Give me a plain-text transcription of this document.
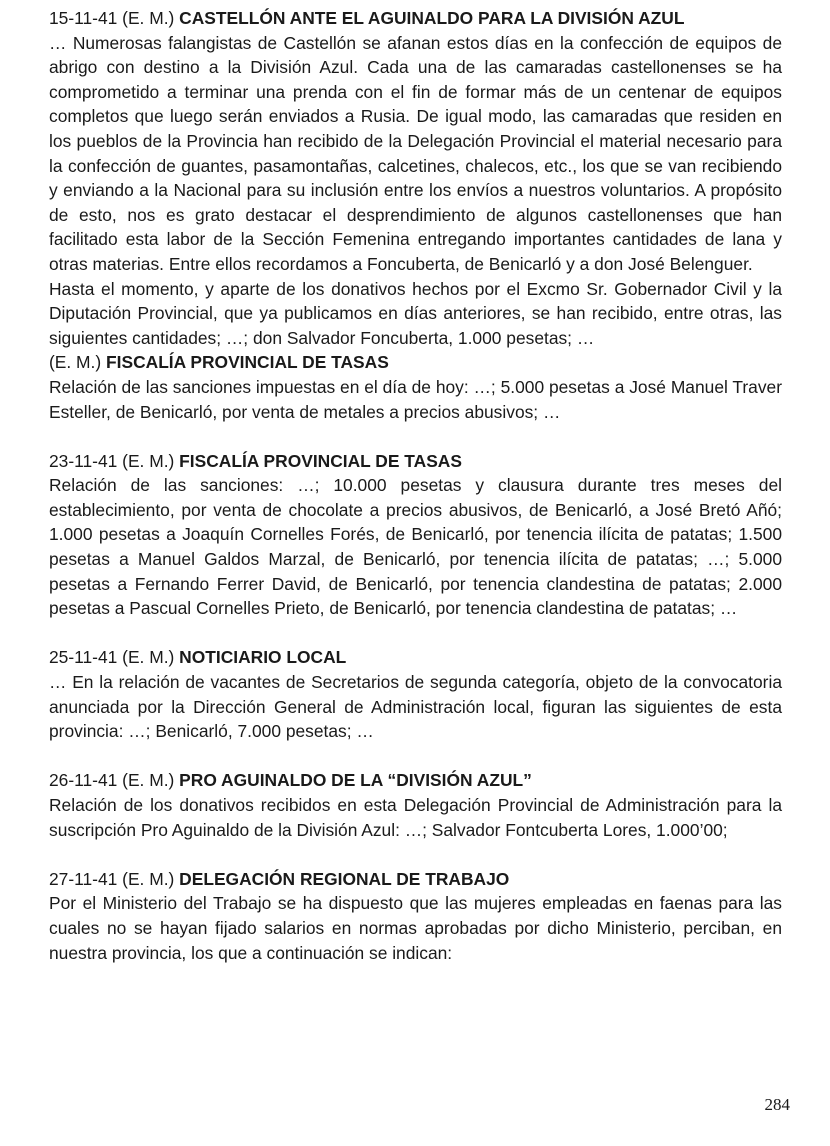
15-11-41 (E. M.) CASTELLÓN ANTE EL AGUINALDO PARA LA DIVISIÓN AZUL

… Numerosas falangistas de Castellón se afanan estos días en la confección de equipos de abrigo con destino a la División Azul. Cada una de las camaradas castellonenses se ha comprometido a terminar una prenda con el fin de formar más de un centenar de equipos completos que luego serán enviados a Rusia. De igual modo, las camaradas que residen en los pueblos de la Provincia han recibido de la Delegación Provincial el material necesario para la confección de guantes, pasamontañas, calcetines, chalecos, etc., los que se van recibiendo y enviando a la Nacional para su inclusión entre los envíos a nuestros voluntarios. A propósito de esto, nos es grato destacar el desprendimiento de algunos castellonenses que han facilitado esta labor de la Sección Femenina entregando importantes cantidades de lana y otras materias. Entre ellos recordamos a Foncuberta, de Benicarló y a don José Belenguer.

Hasta el momento, y aparte de los donativos hechos por el Excmo Sr. Gobernador Civil y la Diputación Provincial, que ya publicamos en días anteriores, se han recibido, entre otras, las siguientes cantidades; …; don Salvador Foncuberta, 1.000 pesetas; …

(E. M.) FISCALÍA PROVINCIAL DE TASAS

Relación de las sanciones impuestas en el día de hoy: …; 5.000 pesetas a José Manuel Traver Esteller, de Benicarló, por venta de metales a precios abusivos; …

23-11-41 (E. M.) FISCALÍA PROVINCIAL DE TASAS

Relación de las sanciones: …; 10.000 pesetas y clausura durante tres meses del establecimiento, por venta de chocolate a precios abusivos, de Benicarló, a José Bretó Añó; 1.000 pesetas a Joaquín Cornelles Forés, de Benicarló, por tenencia ilícita de patatas; 1.500 pesetas a Manuel Galdos Marzal, de Benicarló, por tenencia ilícita de patatas; …; 5.000 pesetas a Fernando Ferrer David, de Benicarló, por tenencia clandestina de patatas; 2.000 pesetas a Pascual Cornelles Prieto, de Benicarló, por tenencia clandestina de patatas; …

25-11-41 (E. M.) NOTICIARIO LOCAL

… En la relación de vacantes de Secretarios de segunda categoría, objeto de la convocatoria anunciada por la Dirección General de Administración local, figuran las siguientes de esta provincia: …; Benicarló, 7.000 pesetas; …

26-11-41 (E. M.) PRO AGUINALDO DE LA “DIVISIÓN AZUL”

Relación de los donativos recibidos en esta Delegación Provincial de Administración para la suscripción Pro Aguinaldo de la División Azul: …; Salvador Fontcuberta Lores, 1.000’00;

27-11-41 (E. M.) DELEGACIÓN REGIONAL DE TRABAJO

Por el Ministerio del Trabajo se ha dispuesto que las mujeres empleadas en faenas para las cuales no se hayan fijado salarios en normas aprobadas por dicho Ministerio, perciban, en nuestra provincia, los que a continuación se indican:

284
